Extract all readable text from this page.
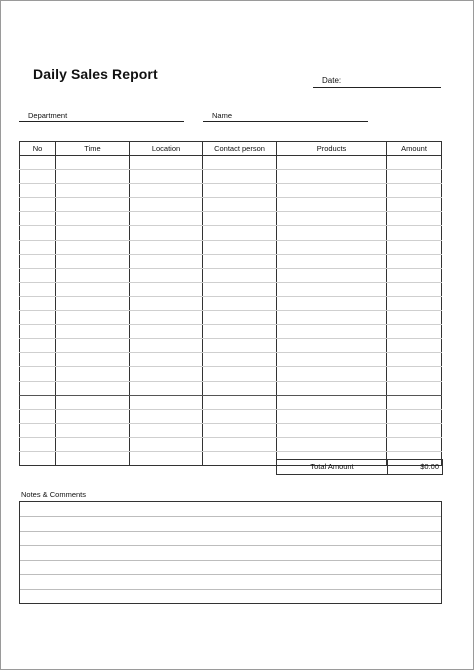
Daily Sales Report	Date:
Department	Name
No	Time	Location	Contact person	Products	Amount

Total Amount	$0.00
Notes & Comments
